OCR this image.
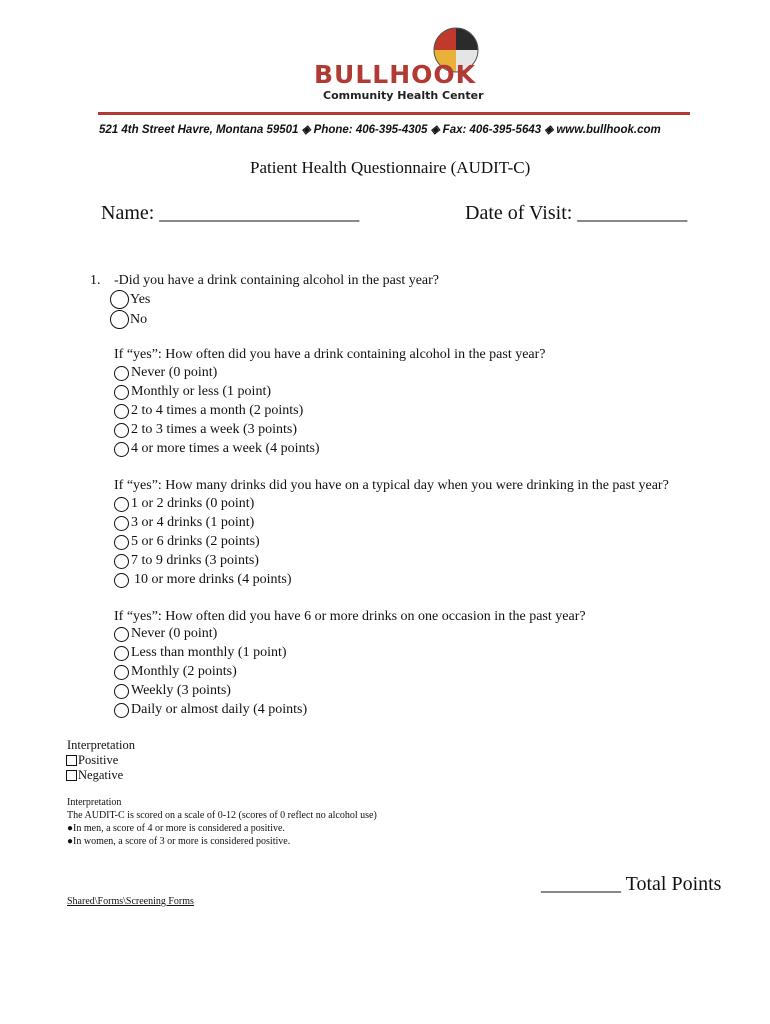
BULLHOOK
Community Health Center
521 4th Street Havre, Montana 59501 ◈ Phone: 406-395-4305 ◈ Fax: 406-395-5643 ◈ www.bullhook.com
Patient Health Questionnaire (AUDIT-C)
Name: ____________________	Date of Visit: ___________
1. -Did you have a drink containing alcohol in the past year?
Yes
No
If “yes”: How often did you have a drink containing alcohol in the past year?
Never (0 point)
Monthly or less (1 point)
2 to 4 times a month (2 points)
2 to 3 times a week (3 points)
4 or more times a week (4 points)
If “yes”: How many drinks did you have on a typical day when you were drinking in the past year?
1 or 2 drinks (0 point)
3 or 4 drinks (1 point)
5 or 6 drinks (2 points)
7 to 9 drinks (3 points)
10 or more drinks (4 points)
If “yes”: How often did you have 6 or more drinks on one occasion in the past year?
Never (0 point)
Less than monthly (1 point)
Monthly (2 points)
Weekly (3 points)
Daily or almost daily (4 points)
Interpretation
Positive
Negative
Interpretation
The AUDIT-C is scored on a scale of 0-12 (scores of 0 reflect no alcohol use)
●In men, a score of 4 or more is considered a positive.
●In women, a score of 3 or more is considered positive.
________ Total Points
Shared\Forms\Screening Forms
